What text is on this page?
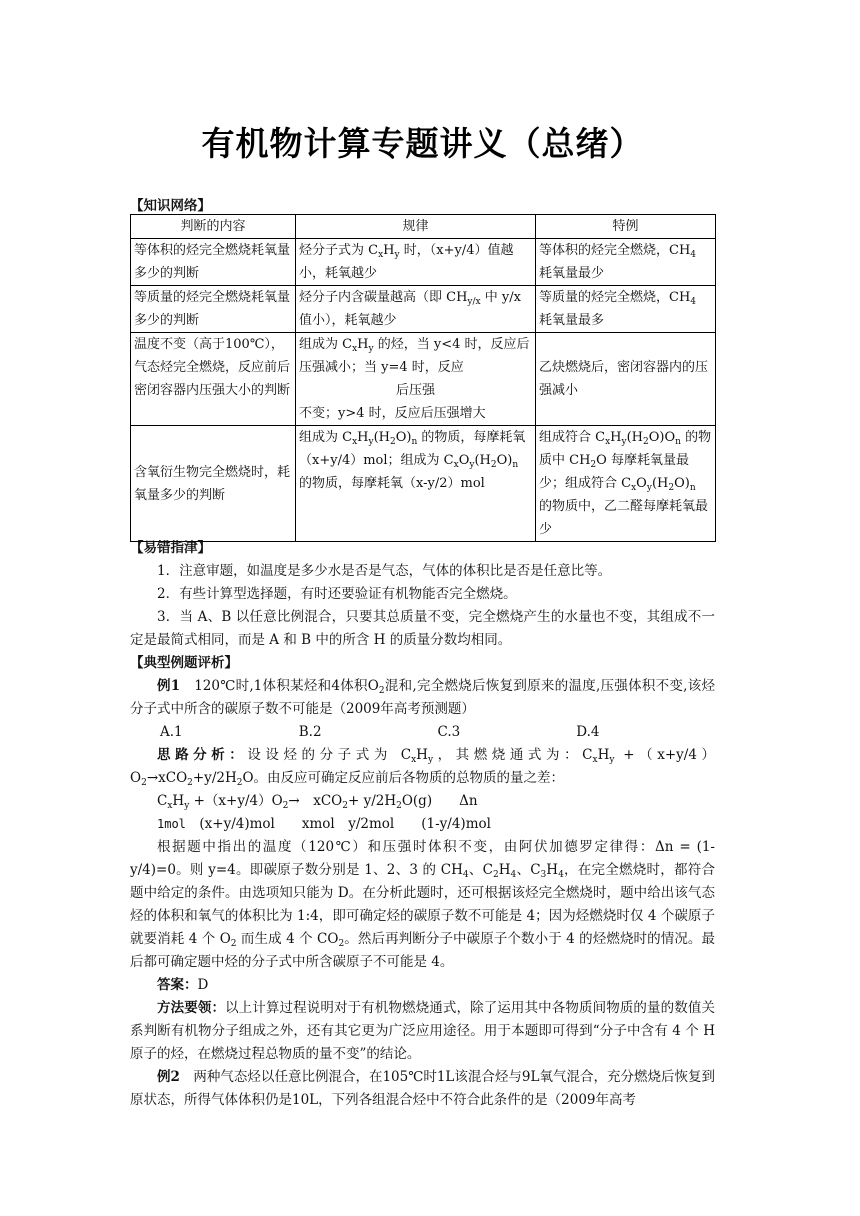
有机物计算专题讲义（总绪）
【知识网络】
判断的内容	规律	特例
等体积的烃完全燃烧耗氧量多少的判断	烃分子式为 $C_xH_y$ 时，（x+y/4）值越小，耗氧越少	等体积的烃完全燃烧，$CH_4$ 耗氧量最少
等质量的烃完全燃烧耗氧量多少的判断	烃分子内含碳量越高（即 $CH_{y/x}$ 中 y/x 值小），耗氧越少	等质量的烃完全燃烧，$CH_4$ 耗氧量最多
温度不变（高于100℃），气态烃完全燃烧，反应前后密闭容器内压强大小的判断	组成为 $C_xH_y$ 的烃，当 y<4 时，反应后压强减小；当 y=4 时，反应
后压强
不变；y>4 时，反应后压强增大	乙炔燃烧后，密闭容器内的压强减小
含氧衍生物完全燃烧时，耗氧量多少的判断	组成为 $C_xH_y(H_2O)_n$ 的物质，每摩耗氧（x+y/4）mol；组成为 $C_xO_y(H_2O)_n$ 的物质，每摩耗氧（x-y/2）mol	组成符合 $C_xH_y(H_2O)O_n$ 的物质中 $CH_2O$ 每摩耗氧量最少；组成符合 $C_xO_y(H_2O)_n$ 的物质中，乙二醛每摩耗氧最少
【易错指津】

1．注意审题，如温度是多少水是否是气态，气体的体积比是否是任意比等。

2．有些计算型选择题，有时还要验证有机物能否完全燃烧。

3．当 A、B 以任意比例混合，只要其总质量不变，完全燃烧产生的水量也不变，其组成不一定是最简式相同，而是 A 和 B 中的所含 H 的质量分数均相同。

【典型例题评析】

例1　120℃时,1体积某烃和4体积$O_2$混和,完全燃烧后恢复到原来的温度,压强体积不变,该烃分子式中所含的碳原子数不可能是（2009年高考预测题）

A.1	B.2	C.3	D.4

思路分析：设设烃的分子式为 $C_xH_y$，其燃烧通式为：$C_xH_y +(x+y/4)O_2\to xCO_2+y/2H_2O$。由反应可确定反应前后各物质的总物质的量之差：

$C_xH_y +(x+y/4)O_2\to$　$xCO_2+ y/2H_2O(g)$　　Δn

1mol　(x+y/4)mol　　xmol　y/2mol　　(1-y/4)mol

根据题中指出的温度（120℃）和压强时体积不变，由阿伏加德罗定律得：Δn = (1-y/4)=0。则 y=4。即碳原子数分别是 1、2、3 的 $CH_4$、$C_2H_4$、$C_3H_4$，在完全燃烧时，都符合题中给定的条件。由选项知只能为 D。在分析此题时，还可根据该烃完全燃烧时，题中给出该气态烃的体积和氧气的体积比为 1:4，即可确定烃的碳原子数不可能是 4；因为烃燃烧时仅 4 个碳原子就要消耗 4 个 $O_2$ 而生成 4 个 $CO_2$。然后再判断分子中碳原子个数小于 4 的烃燃烧时的情况。最后都可确定题中烃的分子式中所含碳原子不可能是 4。

答案：D

方法要领：以上计算过程说明对于有机物燃烧通式，除了运用其中各物质间物质的量的数值关系判断有机物分子组成之外，还有其它更为广泛应用途径。用于本题即可得到“分子中含有 4 个 H 原子的烃，在燃烧过程总物质的量不变”的结论。

例2　 两种气态烃以任意比例混合，在105℃时1L该混合烃与9L氧气混合，充分燃烧后恢复到原状态，所得气体体积仍是10L，下列各组混合烃中不符合此条件的是（2009年高考
